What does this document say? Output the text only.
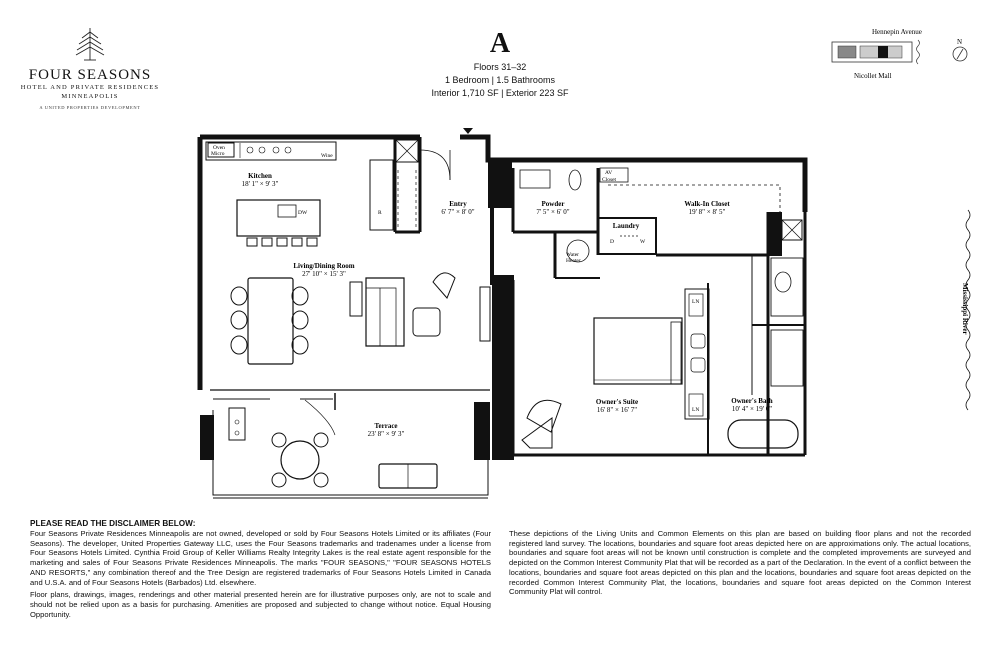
FOUR SEASONS
HOTEL AND PRIVATE RESIDENCES
MINNEAPOLIS
A UNITED PROPERTIES DEVELOPMENT
A
Floors 31–32
1 Bedroom | 1.5 Bathrooms
Interior 1,710 SF | Exterior 223 SF
Hennepin Avenue
Nicollet Mall
N
Kitchen
18' 1" × 9' 3"
Entry
6' 7" × 8' 0"
Powder
7' 5" × 6' 0"
Walk-In Closet
19' 8" × 8' 5"
Laundry
Living/Dining Room
27' 10" × 15' 3"
Owner's Suite
16' 8" × 16' 7"
Owner's Bath
10' 4" × 19' 0"
Terrace
23' 8" × 9' 3"
Oven
Micro	Wine
DW	R
AV
Closet
D	W
Water
Heater
LN
LN
Mississippi River
PLEASE READ THE DISCLAIMER BELOW:

Four Seasons Private Residences Minneapolis are not owned, developed or sold by Four Seasons Hotels Limited or its affiliates (Four Seasons). The developer, United Properties Gateway LLC, uses the Four Seasons trademarks and tradenames under a license from Four Seasons Hotels Limited. Cynthia Froid Group of Keller Williams Realty Integrity Lakes is the real estate agent responsible for the marketing and sales of Four Seasons Private Residences Minneapolis. The marks "FOUR SEASONS," "FOUR SEASONS HOTELS AND RESORTS," any combination thereof and the Tree Design are registered trademarks of Four Seasons Hotels Limited in Canada and U.S.A. and of Four Seasons Hotels (Barbados) Ltd. elsewhere.

Floor plans, drawings, images, renderings and other material presented herein are for illustrative purposes only, are not to scale and should not be relied upon as a basis for purchasing. Amenities are proposed and subjected to change without notice. Equal Housing Opportunity.

These depictions of the Living Units and Common Elements on this plan are based on building floor plans and not the recorded registered land survey. The locations, boundaries and square foot areas depicted here on are approximations only. The actual locations, boundaries and square foot areas will not be known until construction is complete and the completed improvements are surveyed and depicted on the Common Interest Community Plat that will be recorded as a part of the Declaration. In the event of a conflict between the locations, boundaries and square foot areas depicted on this plan and the locations, boundaries and square foot areas depicted on the recorded Common Interest Community Plat, the locations, boundaries and square foot areas depicted on the Common Interest Community Plat will control.
